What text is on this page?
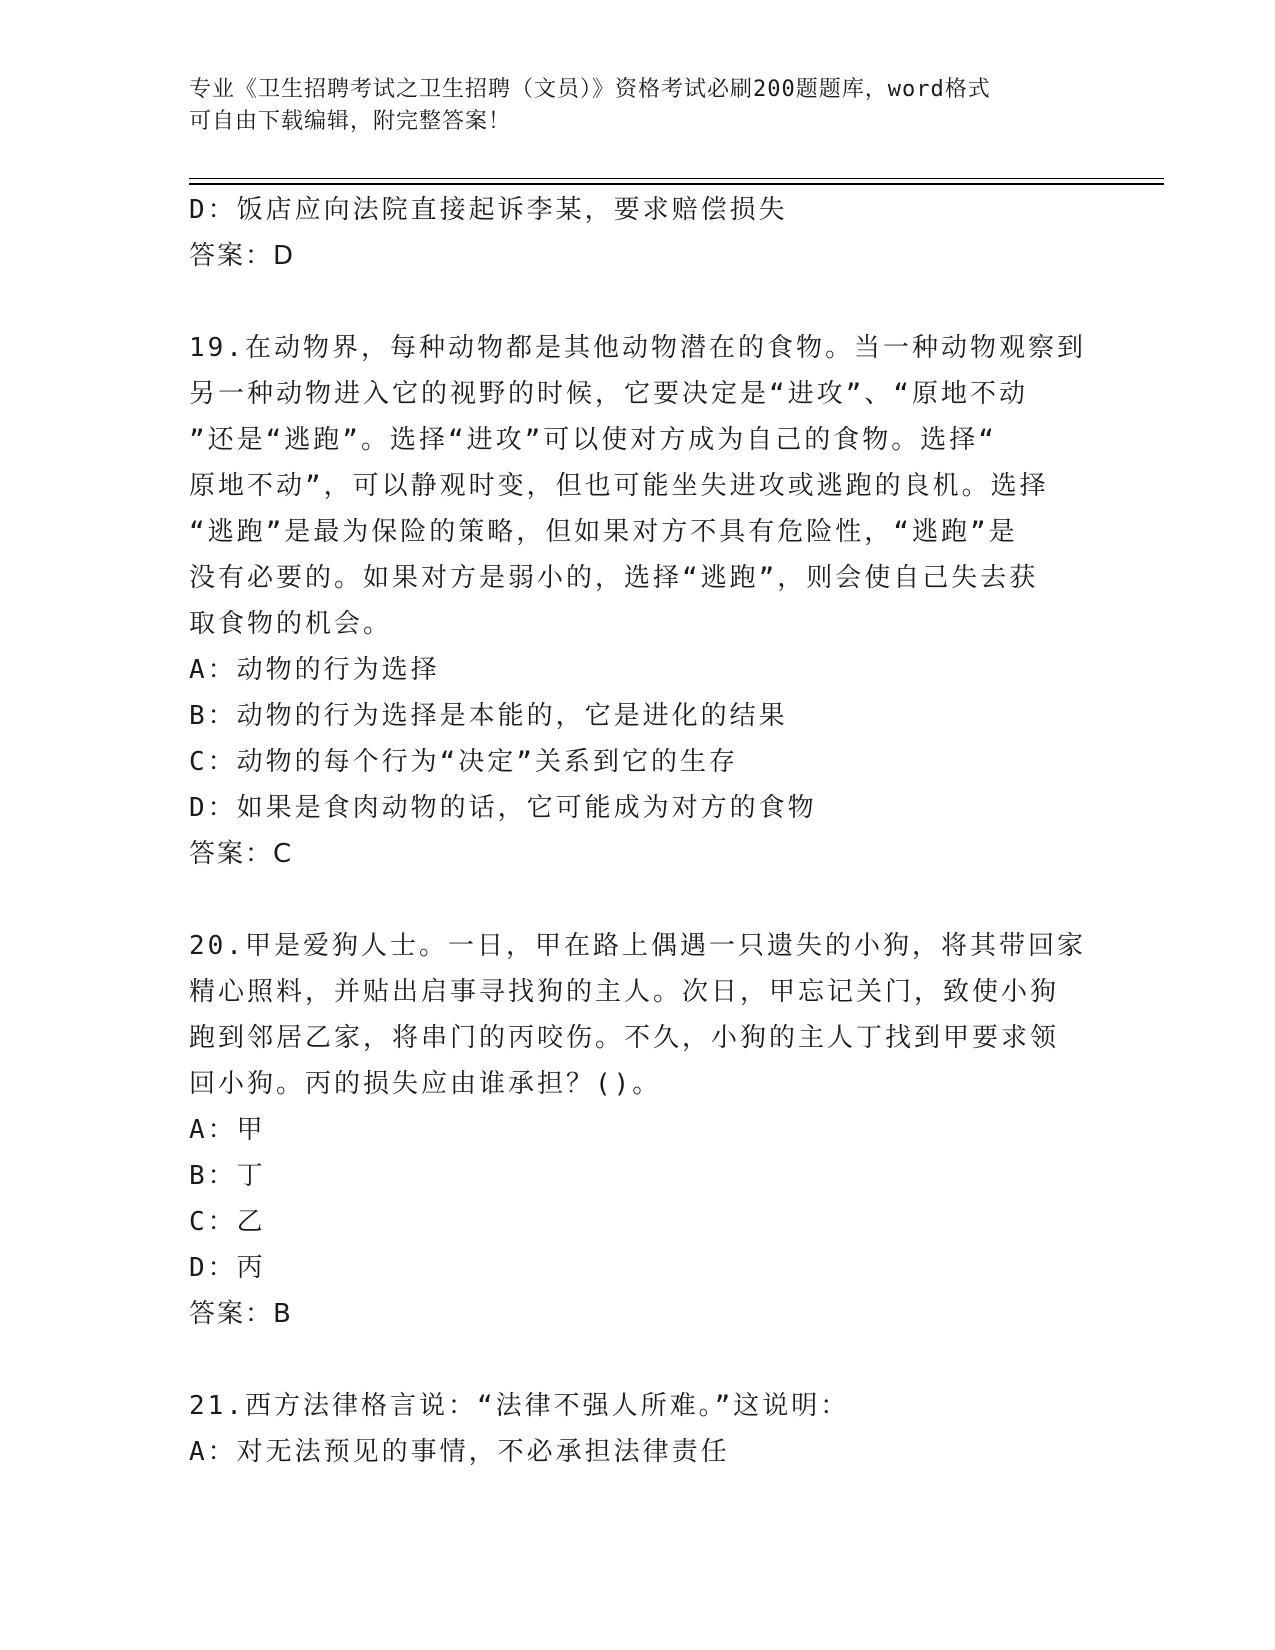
专业《卫生招聘考试之卫生招聘（文员）》资格考试必刷200题题库，word格式
可自由下载编辑，附完整答案！

D：饭店应向法院直接起诉李某，要求赔偿损失

答案：D

19.在动物界，每种动物都是其他动物潜在的食物。当一种动物观察到

另一种动物进入它的视野的时候，它要决定是“进攻”、“原地不动

”还是“逃跑”。选择“进攻”可以使对方成为自己的食物。选择“

原地不动”，可以静观时变，但也可能坐失进攻或逃跑的良机。选择

“逃跑”是最为保险的策略，但如果对方不具有危险性，“逃跑”是

没有必要的。如果对方是弱小的，选择“逃跑”，则会使自己失去获

取食物的机会。

A：动物的行为选择

B：动物的行为选择是本能的，它是进化的结果

C：动物的每个行为“决定”关系到它的生存

D：如果是食肉动物的话，它可能成为对方的食物

答案：C

20.甲是爱狗人士。一日，甲在路上偶遇一只遗失的小狗，将其带回家

精心照料，并贴出启事寻找狗的主人。次日，甲忘记关门，致使小狗

跑到邻居乙家，将串门的丙咬伤。不久，小狗的主人丁找到甲要求领

回小狗。丙的损失应由谁承担？()。

A：甲

B：丁

C：乙

D：丙

答案：B

21.西方法律格言说：“法律不强人所难。”这说明：

A：对无法预见的事情，不必承担法律责任
